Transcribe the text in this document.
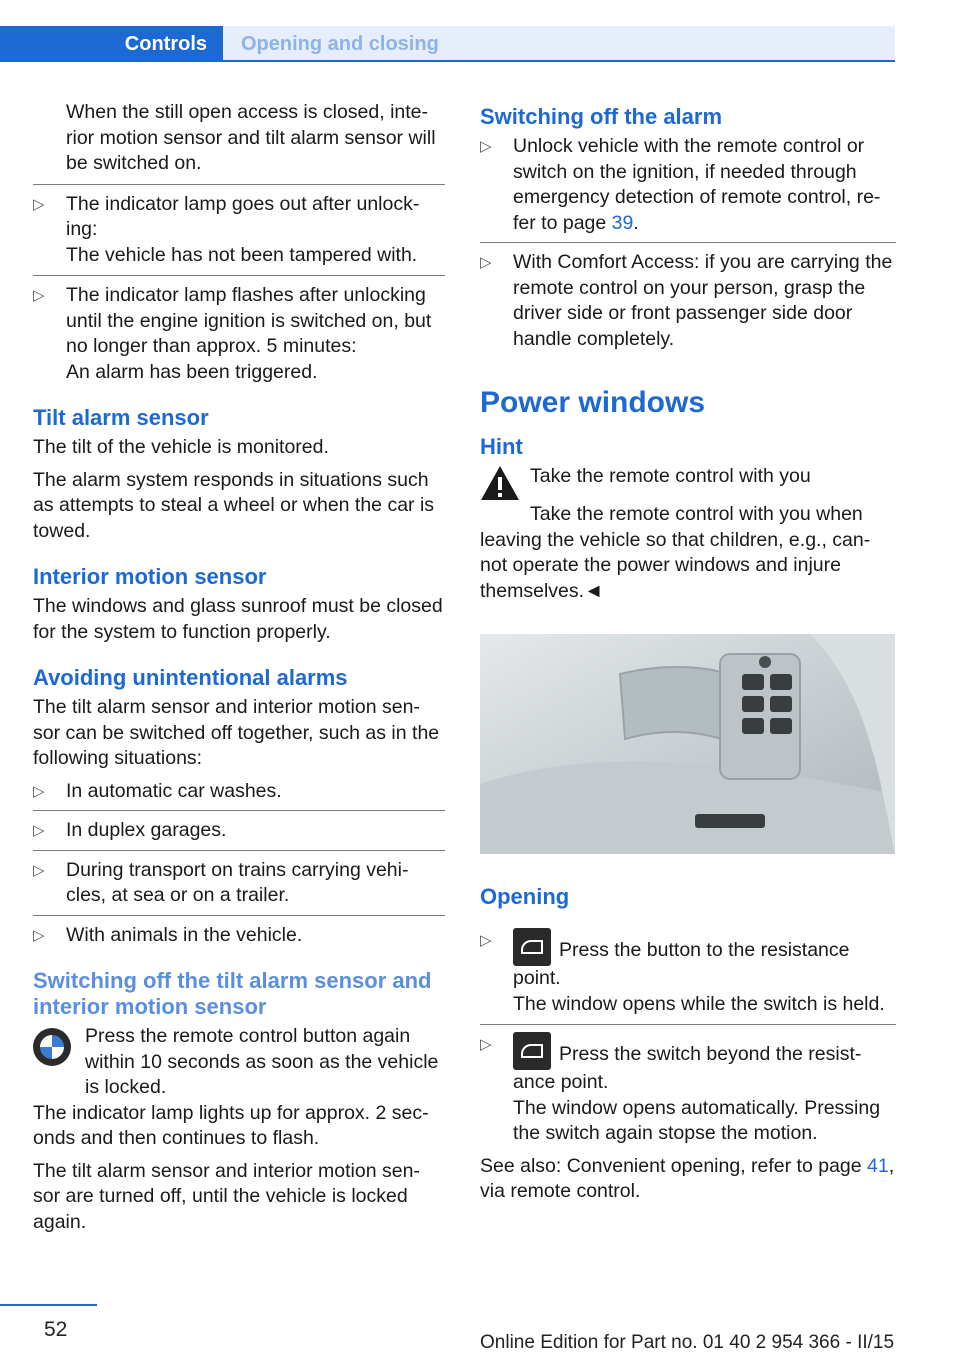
Controls	Opening and closing

When the still open access is closed, inte-rior motion sensor and tilt alarm sensor will be switched on.

▷ The indicator lamp goes out after unlock-ing:

The vehicle has not been tampered with.

▷ The indicator lamp flashes after unlocking until the engine ignition is switched on, but no longer than approx. 5 minutes:

An alarm has been triggered.

Tilt alarm sensor

The tilt of the vehicle is monitored.

The alarm system responds in situations such as attempts to steal a wheel or when the car is towed.

Interior motion sensor

The windows and glass sunroof must be closed for the system to function properly.

Avoiding unintentional alarms

The tilt alarm sensor and interior motion sen-sor can be switched off together, such as in the following situations:

▷ In automatic car washes.

▷ In duplex garages.

▷ During transport on trains carrying vehi-cles, at sea or on a trailer.

▷ With animals in the vehicle.

Switching off the tilt alarm sensor and interior motion sensor
Press the remote control button again within 10 seconds as soon as the vehicle is locked.

The indicator lamp lights up for approx. 2 sec-onds and then continues to flash.

The tilt alarm sensor and interior motion sen-sor are turned off, until the vehicle is locked again.

Switching off the alarm

▷ Unlock vehicle with the remote control or switch on the ignition, if needed through emergency detection of remote control, re-fer to page 39.

▷ With Comfort Access: if you are carrying the remote control on your person, grasp the driver side or front passenger side door handle completely.

Power windows
Hint
Take the remote control with you

Take the remote control with you when leaving the vehicle so that children, e.g., can-not operate the power windows and injure themselves.◄

Opening

▷ Press the button to the resistance point.

The window opens while the switch is held.

▷ Press the switch beyond the resist-ance point.

The window opens automatically. Pressing the switch again stopse the motion.

See also: Convenient opening, refer to page 41, via remote control.

52
Online Edition for Part no. 01 40 2 954 366 - II/15
